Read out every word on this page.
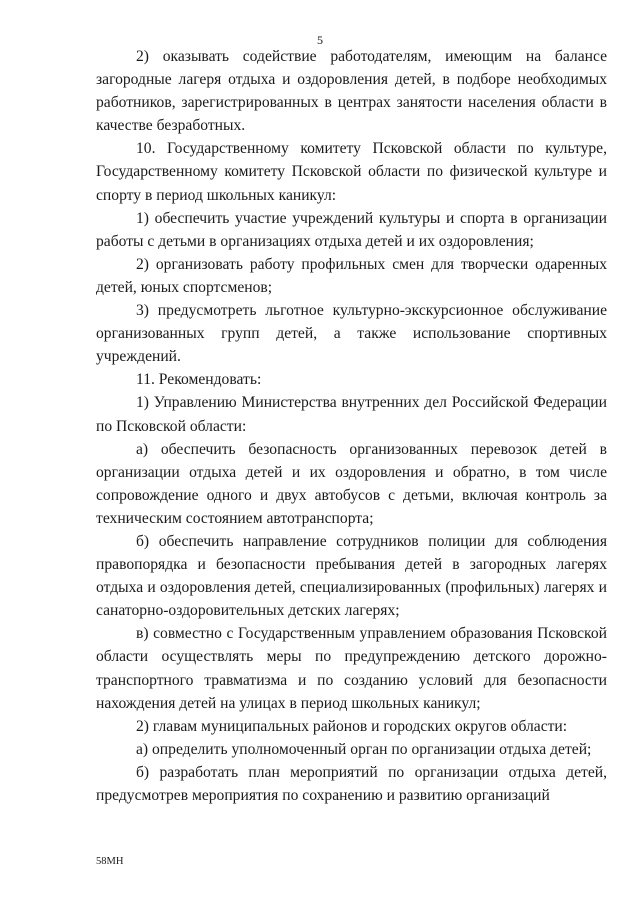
5

2) оказывать содействие работодателям, имеющим на балансе загородные лагеря отдыха и оздоровления детей, в подборе необходимых работников, зарегистрированных в центрах занятости населения области в качестве безработных.

10. Государственному комитету Псковской области по культуре, Государственному комитету Псковской области по физической культуре и спорту в период школьных каникул:

1) обеспечить участие учреждений культуры и спорта в организации работы с детьми в организациях отдыха детей и их оздоровления;

2) организовать работу профильных смен для творчески одаренных детей, юных спортсменов;

3) предусмотреть льготное культурно-экскурсионное обслуживание организованных групп детей, а также использование спортивных учреждений.

11. Рекомендовать:

1) Управлению Министерства внутренних дел Российской Федерации по Псковской области:

а) обеспечить безопасность организованных перевозок детей в организации отдыха детей и их оздоровления и обратно, в том числе сопровождение одного и двух автобусов с детьми, включая контроль за техническим состоянием автотранспорта;

б) обеспечить направление сотрудников полиции для соблюдения правопорядка и безопасности пребывания детей в загородных лагерях отдыха и оздоровления детей, специализированных (профильных) лагерях и санаторно-оздоровительных детских лагерях;

в) совместно с Государственным управлением образования Псковской области осуществлять меры по предупреждению детского дорожно-транспортного травматизма и по созданию условий для безопасности нахождения детей на улицах в период школьных каникул;

2) главам муниципальных районов и городских округов области:

а) определить уполномоченный орган по организации отдыха детей;

б) разработать план мероприятий по организации отдыха детей, предусмотрев мероприятия по сохранению и развитию организаций

58MH
